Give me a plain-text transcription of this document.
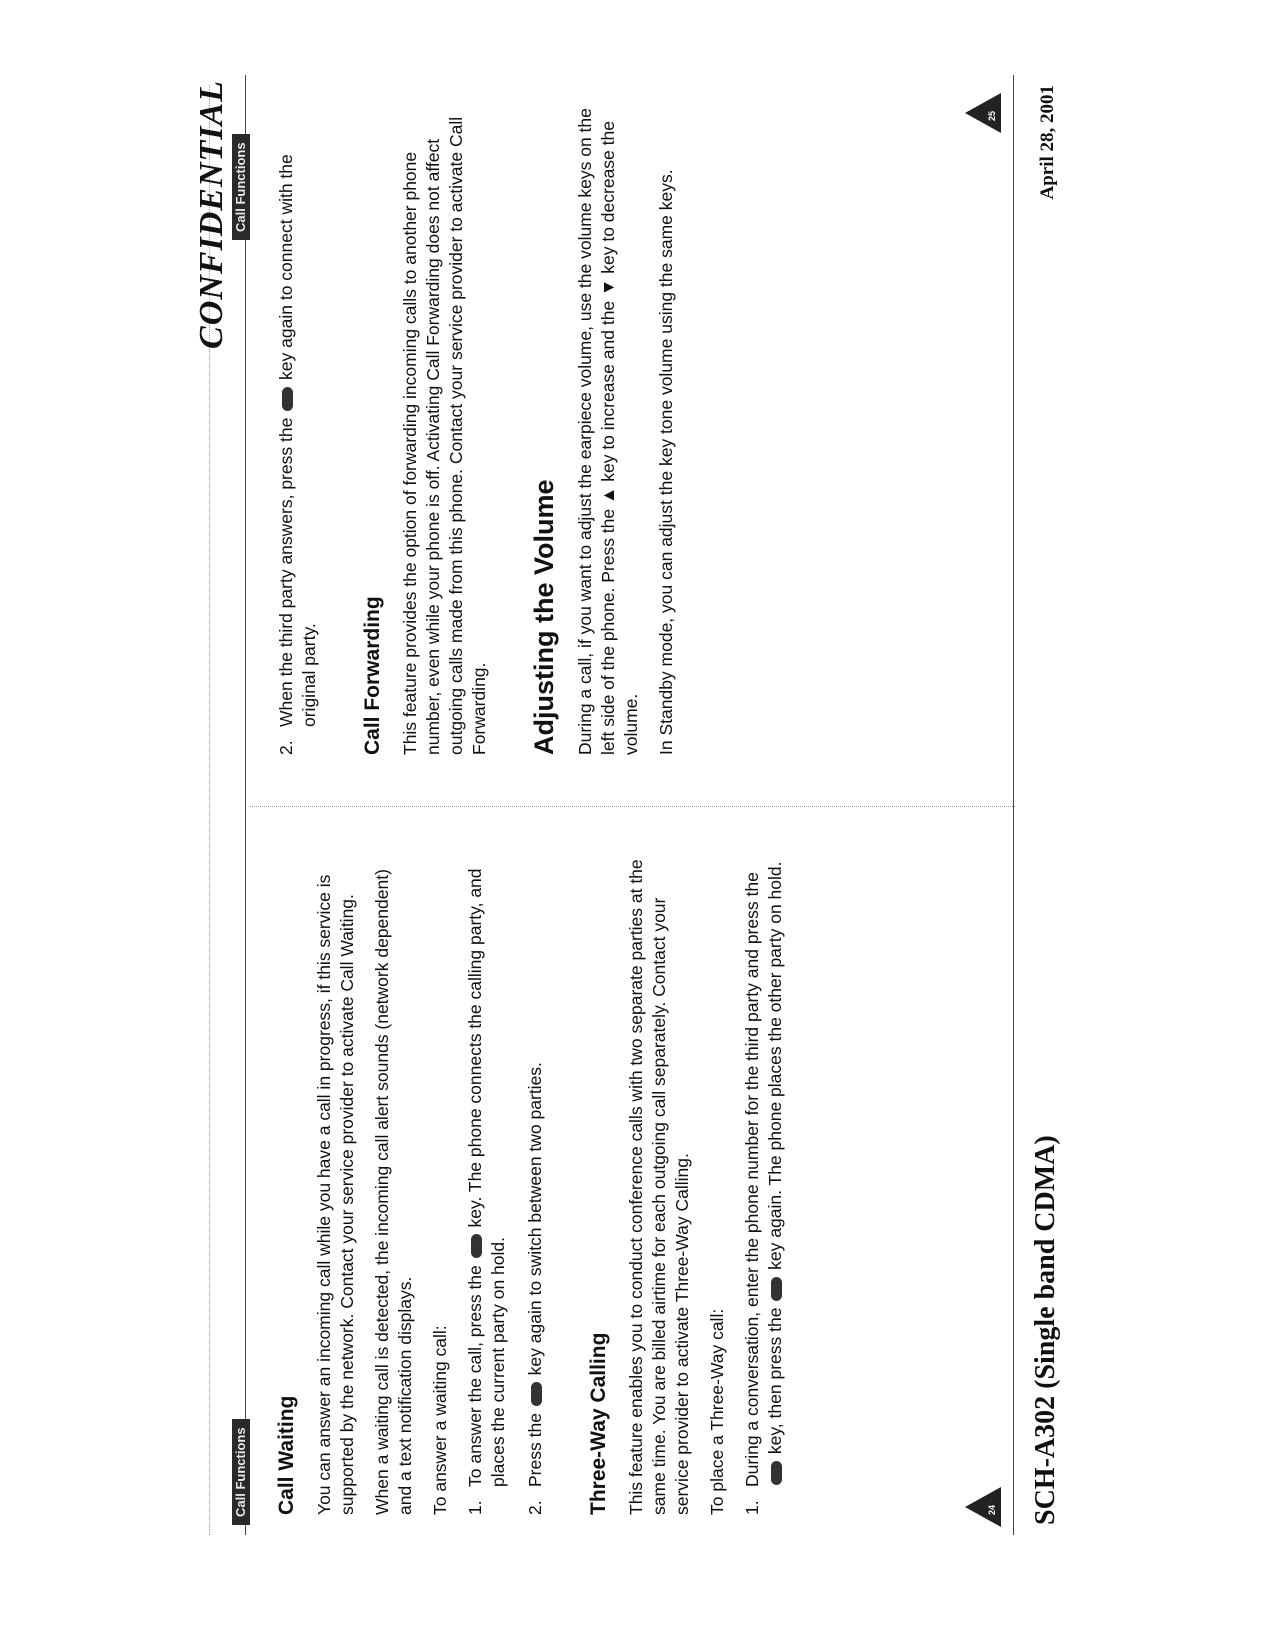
CONFIDENTIAL
Call Functions
Call Functions
Call Waiting You can answer an incoming call while you have a call in progress, if this service is supported by the network. Contact your service provider to activate Call Waiting. When a waiting call is detected, the incoming call alert sounds (network dependent) and a text notification displays. To answer a waiting call: 1.
To answer the call, press the  key. The phone connects the calling party, and places the current party on hold.
2.
Press the  key again to switch between two parties.
Three-Way Calling This feature enables you to conduct conference calls with two separate parties at the same time. You are billed airtime for each outgoing call separately. Contact your service provider to activate Three-Way Calling. To place a Three-Way call: 1.
During a conversation, enter the phone number for the third party and press the key, then press the  key again. The phone places the other party on hold.
2.
When the third party answers, press the  key again to connect with the original party. Call Forwarding This feature provides the option of forwarding incoming calls to another phone number, even while your phone is off. Activating Call Forwarding does not affect outgoing calls made from this phone. Contact your service provider to activate Call Forwarding. Adjusting the Volume During a call, if you want to adjust the earpiece volume, use the volume keys on the left side of the phone. Press the ▲ key to increase and the ▼ key to decrease the volume. In Standby mode, you can adjust the key tone volume using the same keys.

24
25
SCH-A302 (Single band CDMA)
April 28, 2001
